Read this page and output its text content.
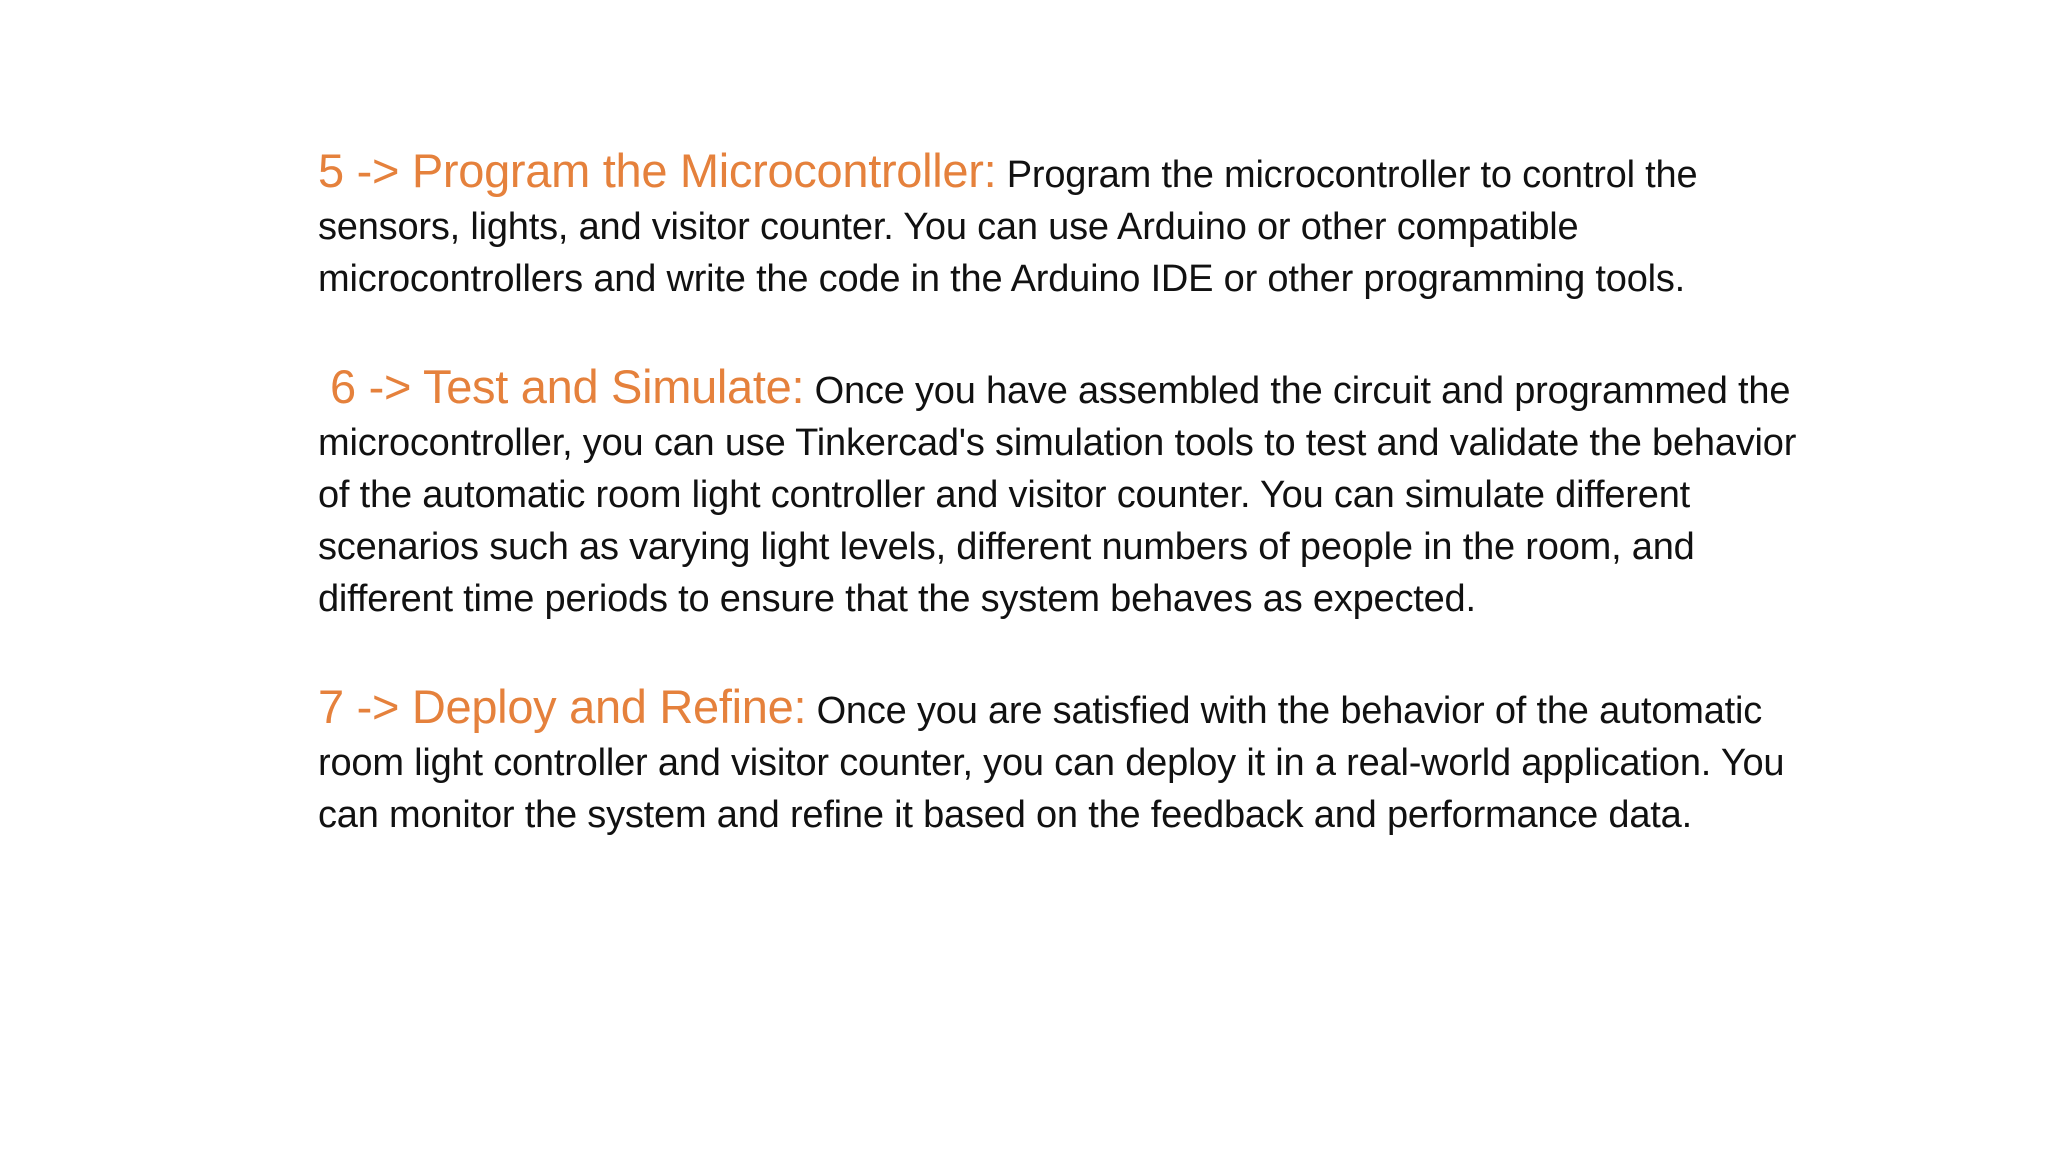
5 -> Program the Microcontroller: Program the microcontroller to control the sensors, lights, and visitor counter. You can use Arduino or other compatible microcontrollers and write the code in the Arduino IDE or other programming tools.

6 -> Test and Simulate: Once you have assembled the circuit and programmed the microcontroller, you can use Tinkercad's simulation tools to test and validate the behavior of the automatic room light controller and visitor counter. You can simulate different scenarios such as varying light levels, different numbers of people in the room, and different time periods to ensure that the system behaves as expected.

7 -> Deploy and Refine: Once you are satisfied with the behavior of the automatic room light controller and visitor counter, you can deploy it in a real-world application. You can monitor the system and refine it based on the feedback and performance data.
